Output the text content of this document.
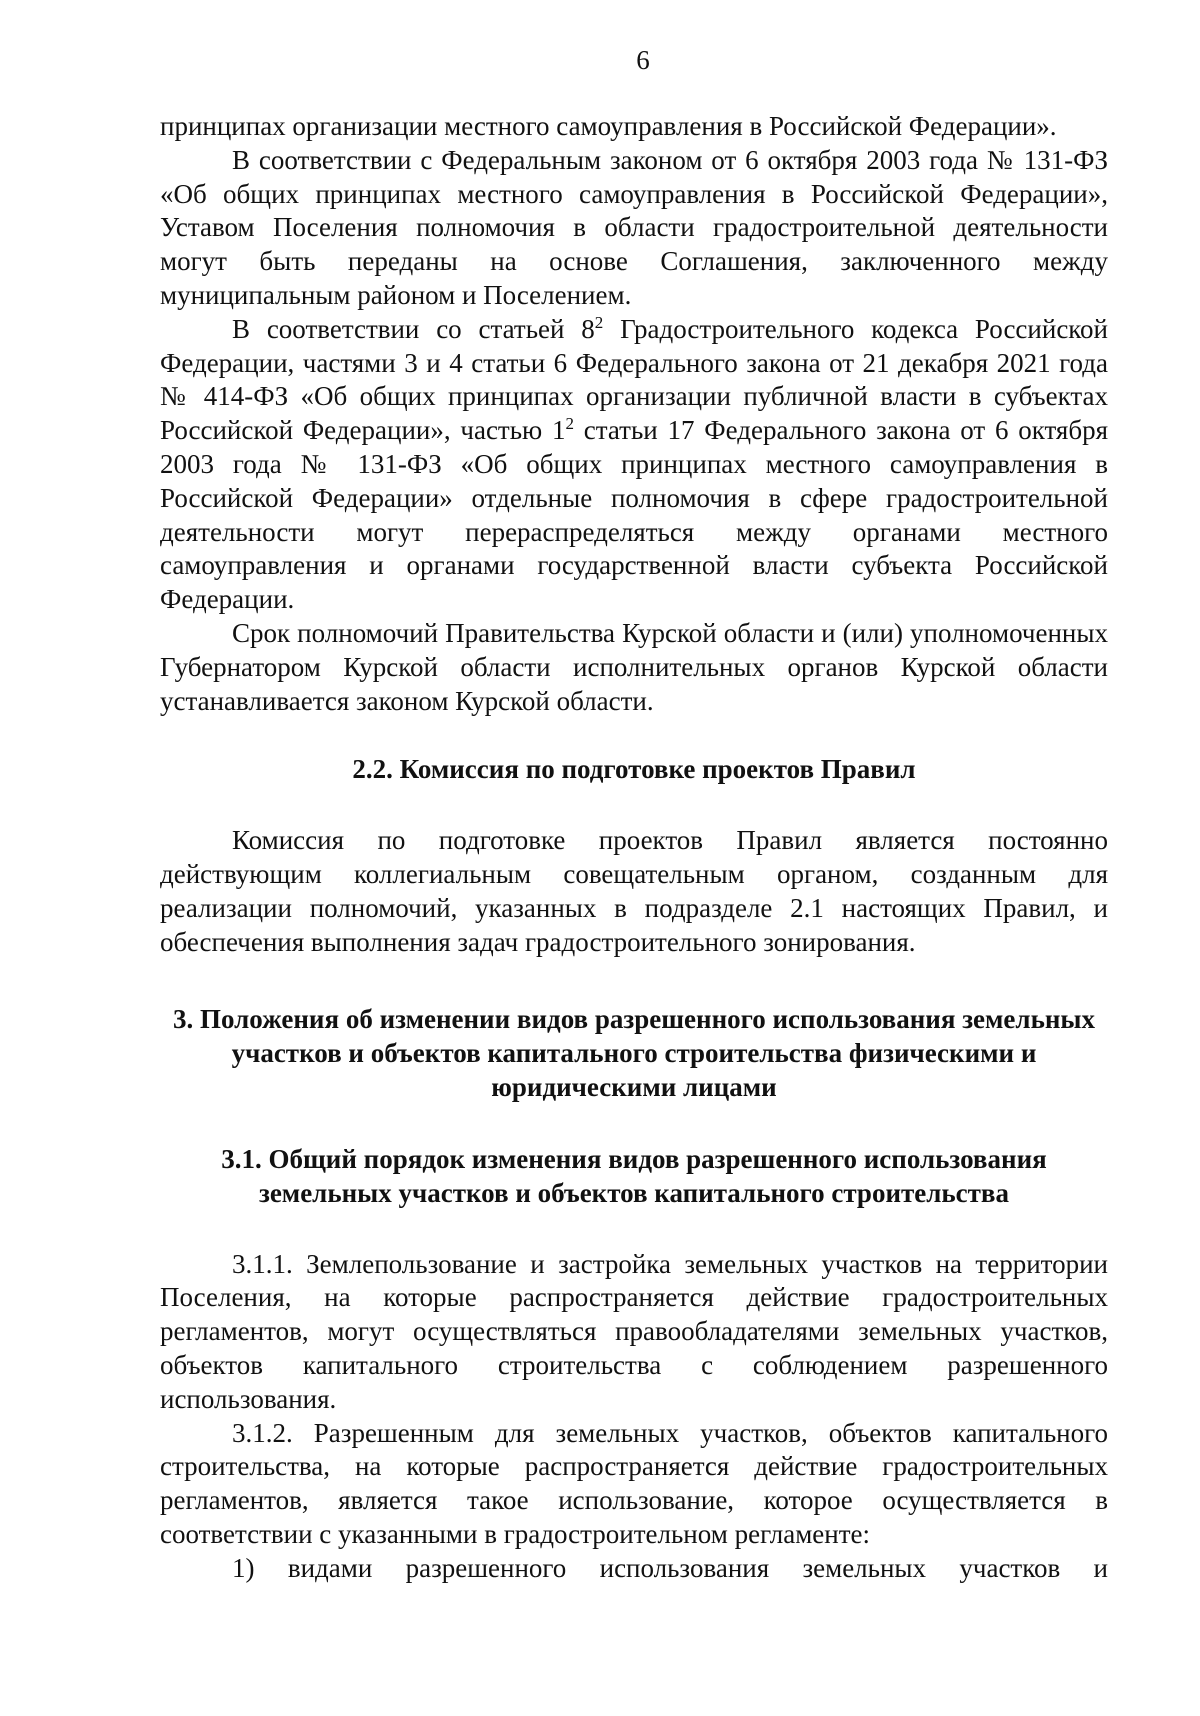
6

принципах организации местного самоуправления в Российской Федерации».

В соответствии с Федеральным законом от 6 октября 2003 года № 131-ФЗ «Об общих принципах местного самоуправления в Российской Федерации», Уставом Поселения полномочия в области градостроительной деятельности могут быть переданы на основе Соглашения, заключенного между муниципальным районом и Поселением.

В соответствии со статьей $8^2$ Градостроительного кодекса Российской Федерации, частями 3 и 4 статьи 6 Федерального закона от 21 декабря 2021 года № 414-ФЗ «Об общих принципах организации публичной власти в субъектах Российской Федерации», частью $1^2$ статьи 17 Федерального закона от 6 октября 2003 года № 131-ФЗ «Об общих принципах местного самоуправления в Российской Федерации» отдельные полномочия в сфере градостроительной деятельности могут перераспределяться между органами местного самоуправления и органами государственной власти субъекта Российской Федерации.

Срок полномочий Правительства Курской области и (или) уполномоченных Губернатором Курской области исполнительных органов Курской области устанавливается законом Курской области.

2.2. Комиссия по подготовке проектов Правил

Комиссия по подготовке проектов Правил является постоянно действующим коллегиальным совещательным органом, созданным для реализации полномочий, указанных в подразделе 2.1 настоящих Правил, и обеспечения выполнения задач градостроительного зонирования.

3. Положения об изменении видов разрешенного использования земельных участков и объектов капитального строительства физическими и юридическими лицами
3.1. Общий порядок изменения видов разрешенного использования земельных участков и объектов капитального строительства

3.1.1. Землепользование и застройка земельных участков на территории Поселения, на которые распространяется действие градостроительных регламентов, могут осуществляться правообладателями земельных участков, объектов капитального строительства с соблюдением разрешенного использования.

3.1.2. Разрешенным для земельных участков, объектов капитального строительства, на которые распространяется действие градостроительных регламентов, является такое использование, которое осуществляется в соответствии с указанными в градостроительном регламенте:

1) видами разрешенного использования земельных участков и
